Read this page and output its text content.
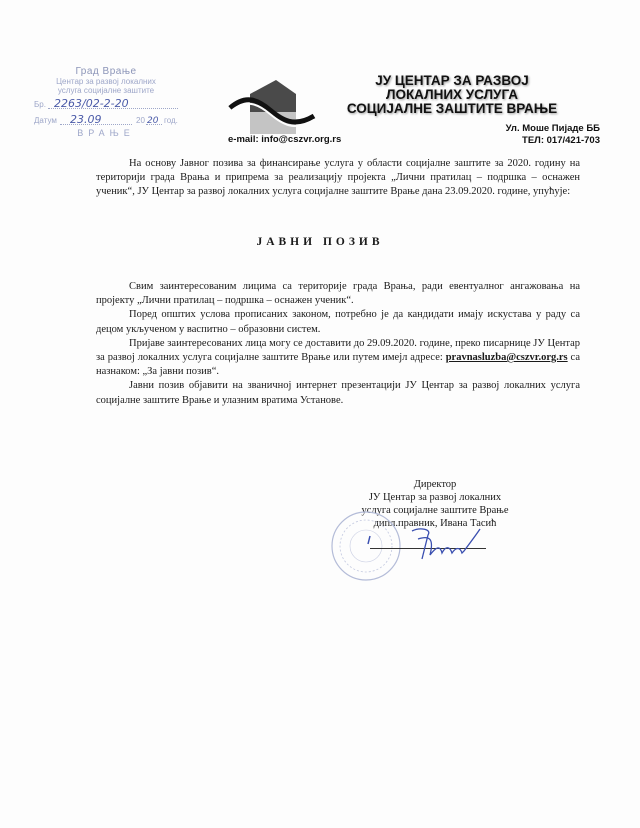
Град Врање
Центар за развој локалних
услуга социјалне заштите
Бр. 2263/02-2-20
Датум 23.09	20 20 год.
ВРАЊЕ
ЈУ ЦЕНТАР ЗА РАЗВОЈ
ЛОКАЛНИХ УСЛУГА
СОЦИЈАЛНЕ ЗАШТИТЕ ВРАЊЕ
Ул. Моше Пијаде ББ
ТЕЛ: 017/421-703
e-mail: info@cszvr.org.rs

На основу Јавног позива за финансирање услуга у области социјалне заштите за 2020. годину на територији града Врања и припрема за реализацију пројекта „Лични пратилац – подршка – оснажен ученик“, ЈУ Центар за развој локалних услуга социјалне заштите Врање дана 23.09.2020. године, упућује:

ЈАВНИ ПОЗИВ

Свим заинтересованим лицима са територије града Врања, ради евентуалног ангажовања на пројекту „Лични пратилац – подршка – оснажен ученик“.

Поред општих услова прописаних законом, потребно је да кандидати имају искустава у раду са децом укљученом у васпитно – образовни систем.

Пријаве заинтересованих лица могу се доставити до 29.09.2020. године, преко писарнице ЈУ Центар за развој локалних услуга социјалне заштите Врање или путем имејл адресе: pravnasluzba@cszvr.org.rs са назнаком: „За јавни позив“.

Јавни позив објавити на званичној интернет презентацији ЈУ Центар за развој локалних услуга социјалне заштите Врање и улазним вратима Установе.

Директор
ЈУ Центар за развој локалних
услуга социјалне заштите Врање
дипл.правник, Ивана Тасић
